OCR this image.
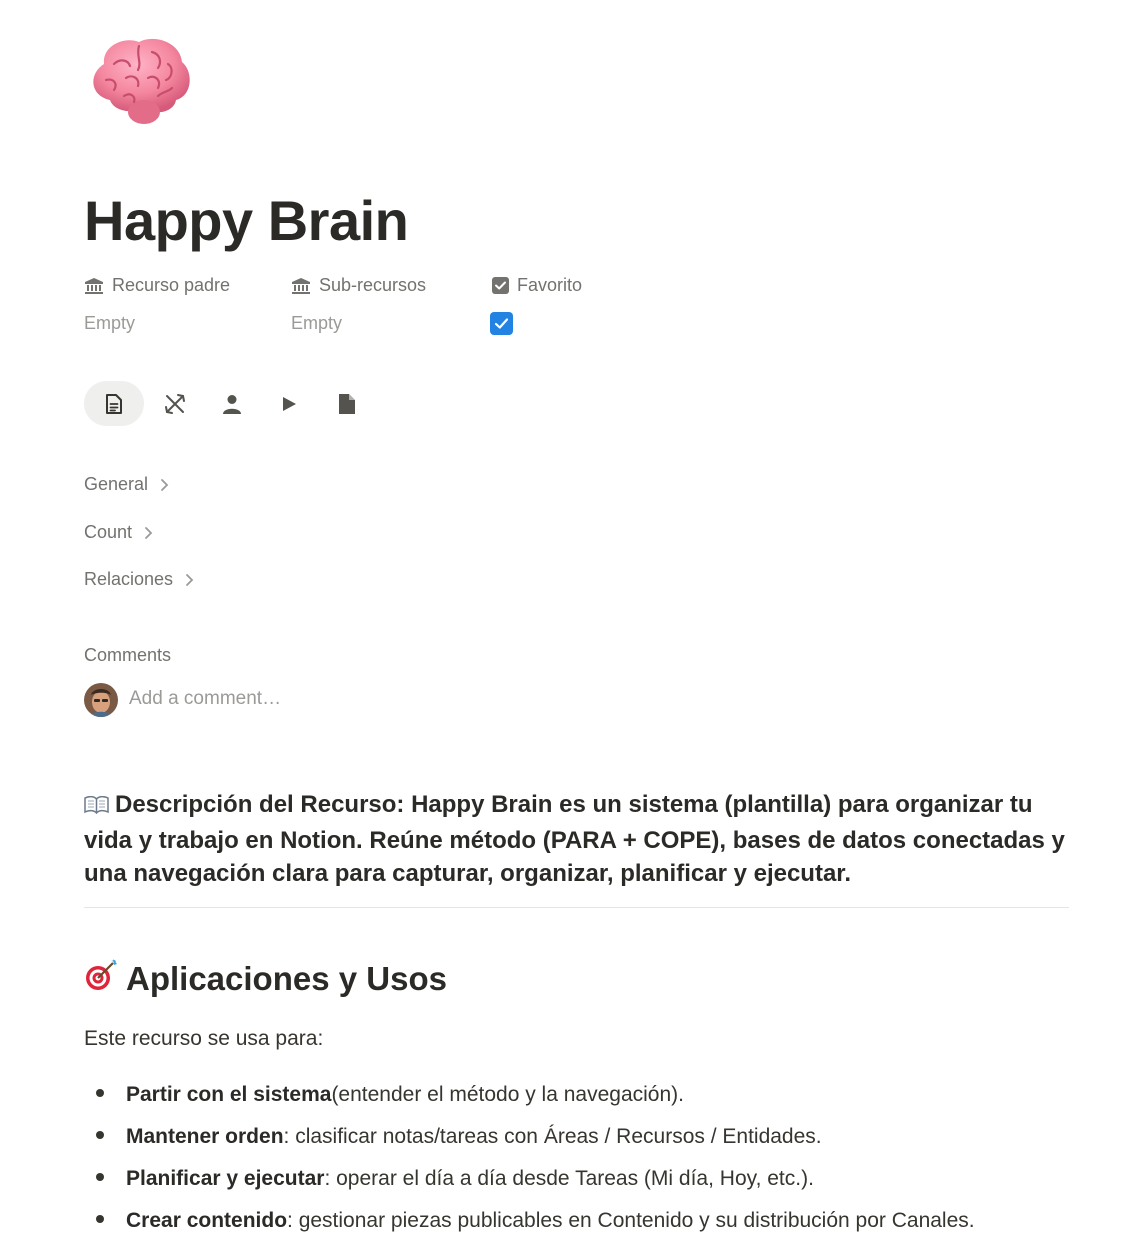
Happy Brain
Recurso padre
Empty
Sub-recursos
Empty
Favorito
General
Count
Relaciones
Comments
Add a comment…
Descripción del Recurso: Happy Brain es un sistema (plantilla) para organizar tu vida y trabajo en Notion. Reúne método (PARA + COPE), bases de datos conectadas y una navegación clara para capturar, organizar, planificar y ejecutar.
Aplicaciones y Usos
Este recurso se usa para:
Partir con el sistema (entender el método y la navegación).
Mantener orden : clasificar notas/tareas con Áreas / Recursos / Entidades.
Planificar y ejecutar : operar el día a día desde Tareas (Mi día, Hoy, etc.).
Crear contenido : gestionar piezas publicables en Contenido y su distribución por Canales.
